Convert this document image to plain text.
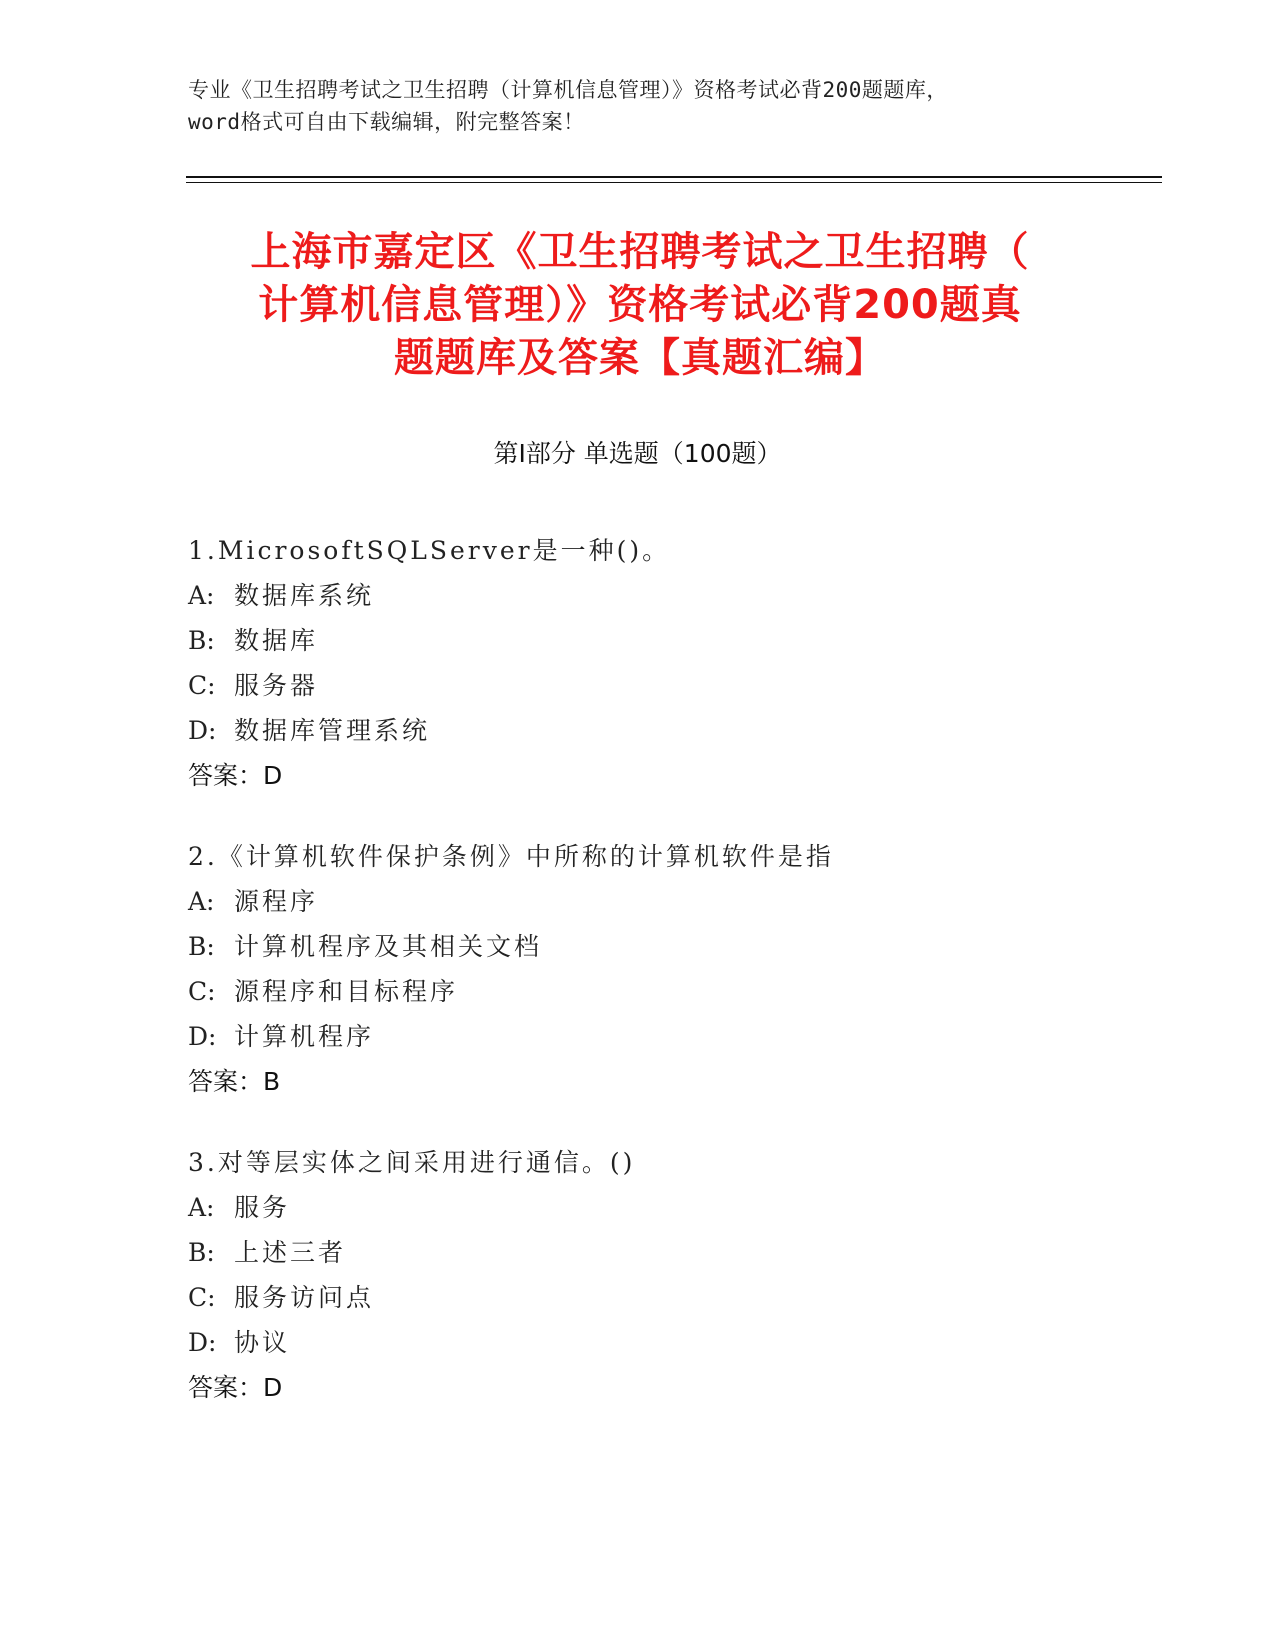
专业《卫生招聘考试之卫生招聘（计算机信息管理）》资格考试必背200题题库，
word格式可自由下载编辑，附完整答案！
上海市嘉定区《卫生招聘考试之卫生招聘（
计算机信息管理）》资格考试必背200题真
题题库及答案【真题汇编】
第Ⅰ部分 单选题（100题）
1.MicrosoftSQLServer是一种()。
A: 数据库系统
B: 数据库
C: 服务器
D: 数据库管理系统
答案：D
2.《计算机软件保护条例》中所称的计算机软件是指
A: 源程序
B: 计算机程序及其相关文档
C: 源程序和目标程序
D: 计算机程序
答案：B
3.对等层实体之间采用进行通信。()
A: 服务
B: 上述三者
C: 服务访问点
D: 协议
答案：D
